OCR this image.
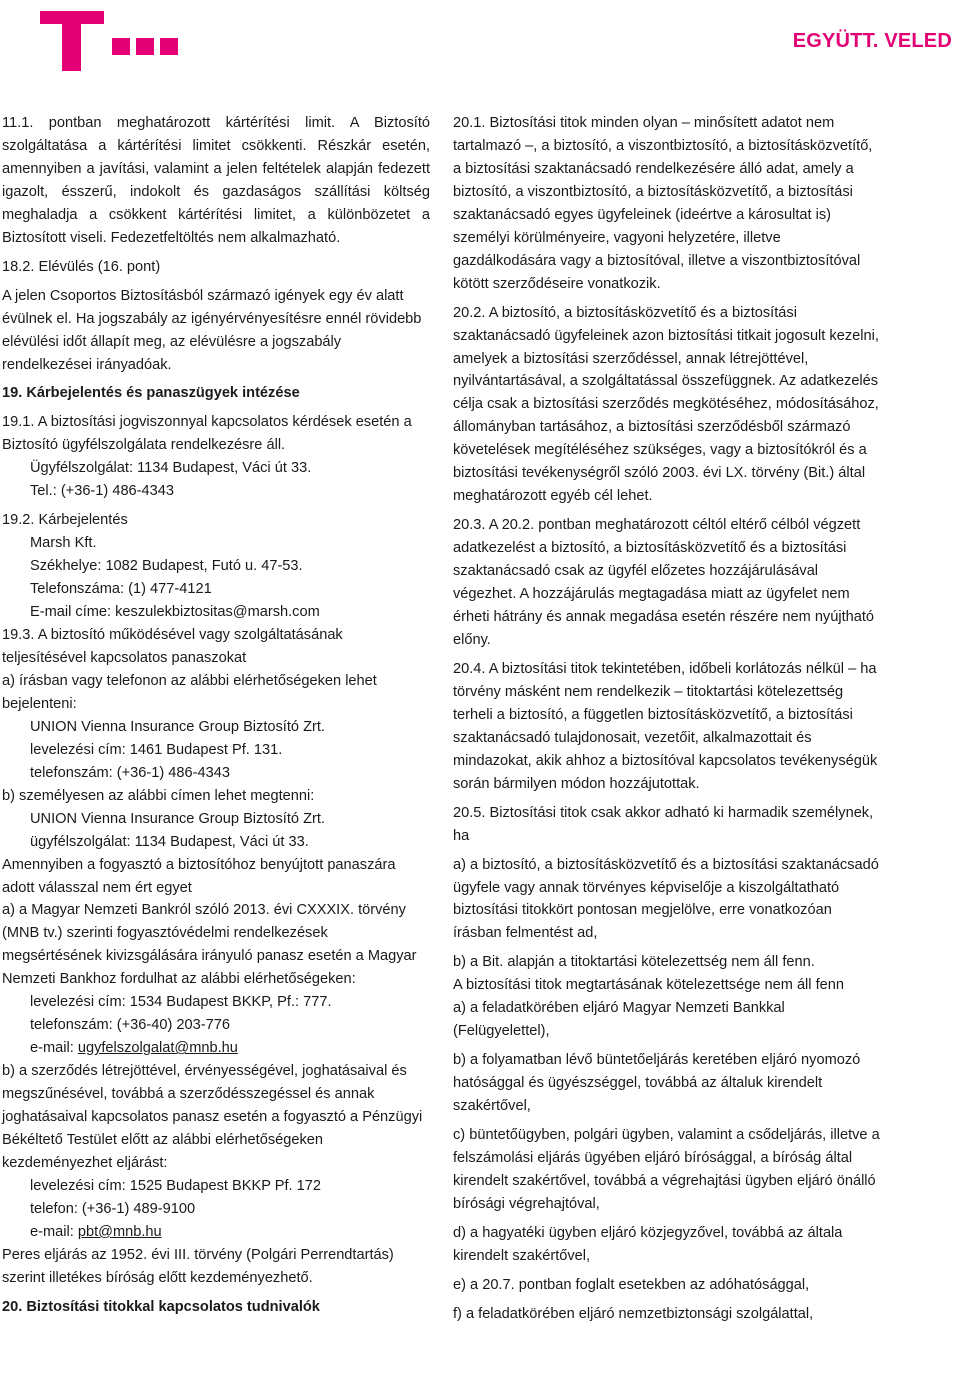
EGYÜTT. VELED

11.1. pontban meghatározott kártérítési limit. A Biztosító szolgáltatása a kártérítési limitet csökkenti. Részkár esetén, amennyiben a javítási, valamint a jelen feltételek alapján fedezett igazolt, ésszerű, indokolt és gazdaságos szállítási költség meghaladja a csökkent kártérítési limitet, a különbözetet a Biztosított viseli. Fedezetfeltöltés nem alkalmazható.

18.2. Elévülés (16. pont)

A jelen Csoportos Biztosításból származó igények egy év alatt évülnek el. Ha jogszabály az igényérvényesítésre ennél rövidebb elévülési időt állapít meg, az elévülésre a jogszabály rendelkezései irányadóak.

19. Kárbejelentés és panaszügyek intézése

19.1. A biztosítási jogviszonnyal kapcsolatos kérdések esetén a Biztosító ügyfélszolgálata rendelkezésre áll.

Ügyfélszolgálat: 1134 Budapest, Váci út 33.

Tel.: (+36-1) 486-4343

19.2. Kárbejelentés

Marsh Kft.

Székhelye: 1082 Budapest, Futó u. 47-53.

Telefonszáma: (1) 477-4121

E-mail címe: keszulekbiztositas@marsh.com

19.3. A biztosító működésével vagy szolgáltatásának teljesítésével kapcsolatos panaszokat

a) írásban vagy telefonon az alábbi elérhetőségeken lehet bejelenteni:

UNION Vienna Insurance Group Biztosító Zrt.

levelezési cím: 1461 Budapest Pf. 131.

telefonszám: (+36-1) 486-4343

b) személyesen az alábbi címen lehet megtenni:

UNION Vienna Insurance Group Biztosító Zrt.

ügyfélszolgálat: 1134 Budapest, Váci út 33.

Amennyiben a fogyasztó a biztosítóhoz benyújtott panaszára adott válasszal nem ért egyet

a) a Magyar Nemzeti Bankról szóló 2013. évi CXXXIX. törvény (MNB tv.) szerinti fogyasztóvédelmi rendelkezések megsértésének kivizsgálására irányuló panasz esetén a Magyar Nemzeti Bankhoz fordulhat az alábbi elérhetőségeken:

levelezési cím: 1534 Budapest BKKP, Pf.: 777.

telefonszám: (+36-40) 203-776

e-mail: ugyfelszolgalat@mnb.hu

b) a szerződés létrejöttével, érvényességével, joghatásaival és megszűnésével, továbbá a szerződésszegéssel és annak joghatásaival kapcsolatos panasz esetén a fogyasztó a Pénzügyi Békéltető Testület előtt az alábbi elérhetőségeken kezdeményezhet eljárást:

levelezési cím: 1525 Budapest BKKP Pf. 172

telefon: (+36-1) 489-9100

e-mail: pbt@mnb.hu

Peres eljárás az 1952. évi III. törvény (Polgári Perrendtartás) szerint illetékes bíróság előtt kezdeményezhető.

20. Biztosítási titokkal kapcsolatos tudnivalók

20.1. Biztosítási titok minden olyan – minősített adatot nem tartalmazó –, a biztosító, a viszontbiztosító, a biztosításközvetítő, a biztosítási szaktanácsadó rendelkezésére álló adat, amely a biztosító, a viszontbiztosító, a biztosításközvetítő, a biztosítási szaktanácsadó egyes ügyfeleinek (ideértve a károsultat is) személyi körülményeire, vagyoni helyzetére, illetve gazdálkodására vagy a biztosítóval, illetve a viszontbiztosítóval kötött szerződéseire vonatkozik.

20.2. A biztosító, a biztosításközvetítő és a biztosítási szaktanácsadó ügyfeleinek azon biztosítási titkait jogosult kezelni, amelyek a biztosítási szerződéssel, annak létrejöttével, nyilvántartásával, a szolgáltatással összefüggnek. Az adatkezelés célja csak a biztosítási szerződés megkötéséhez, módosításához, állományban tartásához, a biztosítási szerződésből származó követelések megítéléséhez szükséges, vagy a biztosítókról és a biztosítási tevékenységről szóló 2003. évi LX. törvény (Bit.) által meghatározott egyéb cél lehet.

20.3. A 20.2. pontban meghatározott céltól eltérő célból végzett adatkezelést a biztosító, a biztosításközvetítő és a biztosítási szaktanácsadó csak az ügyfél előzetes hozzájárulásával végezhet. A hozzájárulás megtagadása miatt az ügyfelet nem érheti hátrány és annak megadása esetén részére nem nyújtható előny.

20.4. A biztosítási titok tekintetében, időbeli korlátozás nélkül – ha törvény másként nem rendelkezik – titoktartási kötelezettség terheli a biztosító, a független biztosításközvetítő, a biztosítási szaktanácsadó tulajdonosait, vezetőit, alkalmazottait és mindazokat, akik ahhoz a biztosítóval kapcsolatos tevékenységük során bármilyen módon hozzájutottak.

20.5. Biztosítási titok csak akkor adható ki harmadik személynek, ha

a) a biztosító, a biztosításközvetítő és a biztosítási szaktanácsadó ügyfele vagy annak törvényes képviselője a kiszolgáltatható biztosítási titokkört pontosan megjelölve, erre vonatkozóan írásban felmentést ad,

b) a Bit. alapján a titoktartási kötelezettség nem áll fenn.

A biztosítási titok megtartásának kötelezettsége nem áll fenn

a) a feladatkörében eljáró Magyar Nemzeti Bankkal (Felügyelettel),

b) a folyamatban lévő büntetőeljárás keretében eljáró nyomozó hatósággal és ügyészséggel, továbbá az általuk kirendelt szakértővel,

c) büntetőügyben, polgári ügyben, valamint a csődeljárás, illetve a felszámolási eljárás ügyében eljáró bírósággal, a bíróság által kirendelt szakértővel, továbbá a végrehajtási ügyben eljáró önálló bírósági végrehajtóval,

d) a hagyatéki ügyben eljáró közjegyzővel, továbbá az általa kirendelt szakértővel,

e) a 20.7. pontban foglalt esetekben az adóhatósággal,

f) a feladatkörében eljáró nemzetbiztonsági szolgálattal,
